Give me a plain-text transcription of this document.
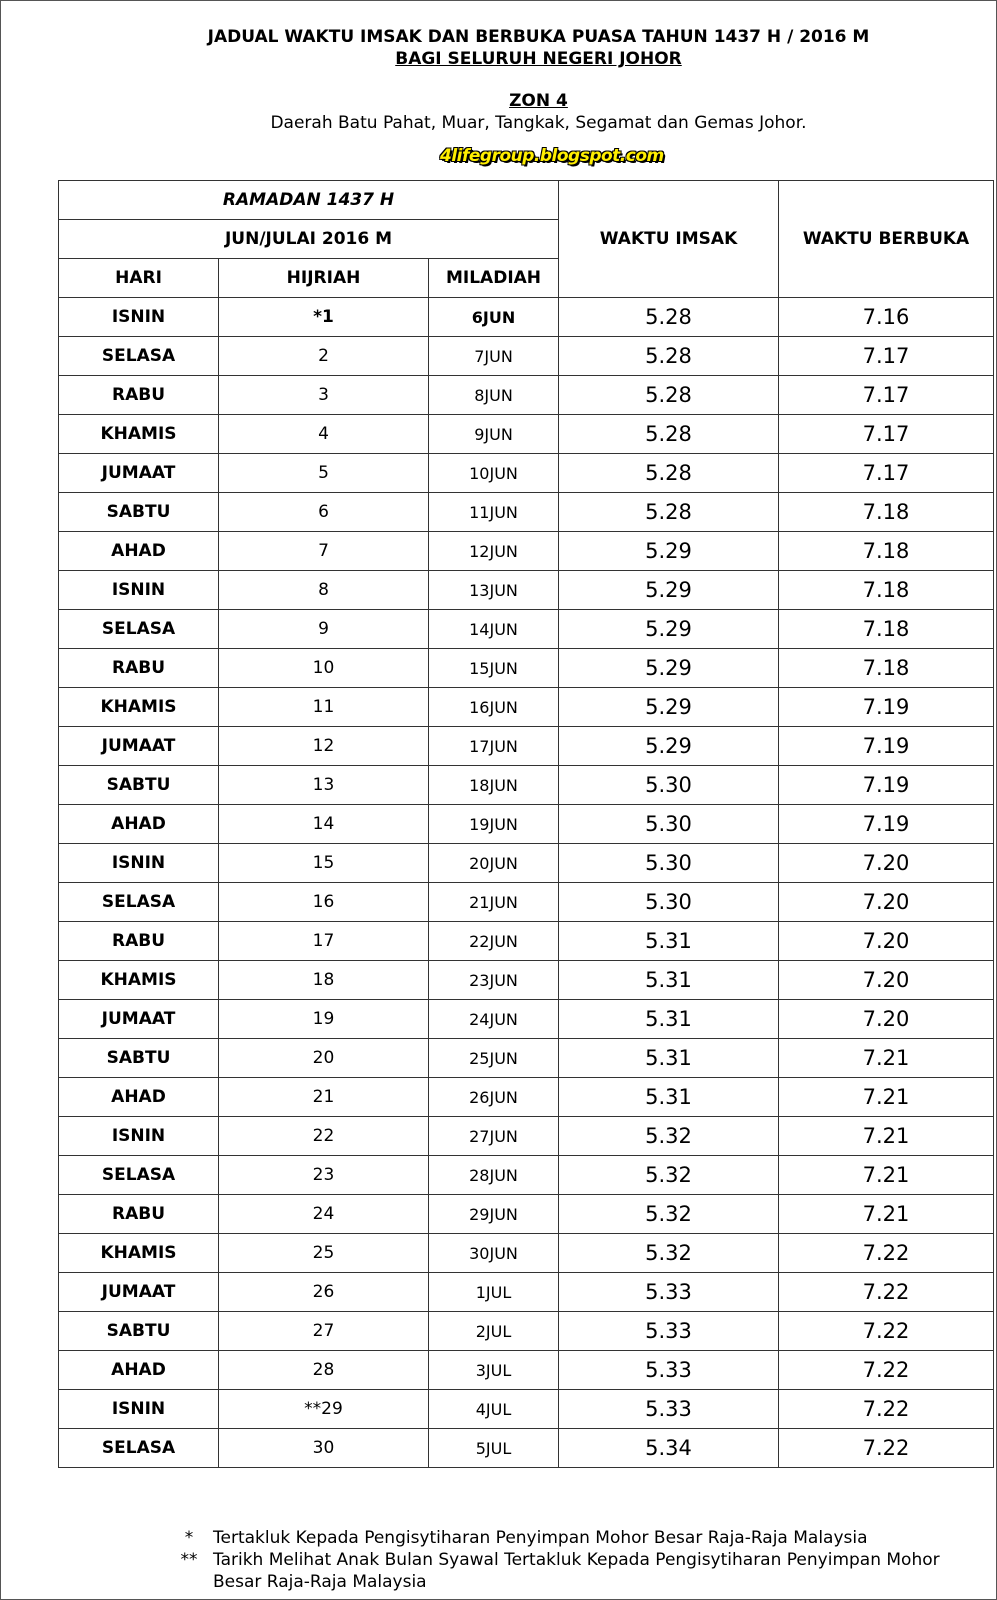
JADUAL WAKTU IMSAK DAN BERBUKA PUASA TAHUN 1437 H / 2016 M
BAGI SELURUH NEGERI JOHOR
ZON 4
Daerah Batu Pahat, Muar, Tangkak, Segamat dan Gemas Johor.
4lifegroup.blogspot.com
RAMADAN 1437 H			WAKTU IMSAK	WAKTU BERBUKA
JUN/JULAI 2016 M				
HARI	HIJRIAH	MILADIAH		
ISNIN	*1	6JUN	5.28	7.16
SELASA	2	7JUN	5.28	7.17
RABU	3	8JUN	5.28	7.17
KHAMIS	4	9JUN	5.28	7.17
JUMAAT	5	10JUN	5.28	7.17
SABTU	6	11JUN	5.28	7.18
AHAD	7	12JUN	5.29	7.18
ISNIN	8	13JUN	5.29	7.18
SELASA	9	14JUN	5.29	7.18
RABU	10	15JUN	5.29	7.18
KHAMIS	11	16JUN	5.29	7.19
JUMAAT	12	17JUN	5.29	7.19
SABTU	13	18JUN	5.30	7.19
AHAD	14	19JUN	5.30	7.19
ISNIN	15	20JUN	5.30	7.20
SELASA	16	21JUN	5.30	7.20
RABU	17	22JUN	5.31	7.20
KHAMIS	18	23JUN	5.31	7.20
JUMAAT	19	24JUN	5.31	7.20
SABTU	20	25JUN	5.31	7.21
AHAD	21	26JUN	5.31	7.21
ISNIN	22	27JUN	5.32	7.21
SELASA	23	28JUN	5.32	7.21
RABU	24	29JUN	5.32	7.21
KHAMIS	25	30JUN	5.32	7.22
JUMAAT	26	1JUL	5.33	7.22
SABTU	27	2JUL	5.33	7.22
AHAD	28	3JUL	5.33	7.22
ISNIN	**29	4JUL	5.33	7.22
SELASA	30	5JUL	5.34	7.22
*	Tertakluk Kepada Pengisytiharan Penyimpan Mohor Besar Raja-Raja Malaysia
** Tarikh Melihat Anak Bulan Syawal Tertakluk Kepada Pengisytiharan Penyimpan Mohor Besar Raja-Raja Malaysia
